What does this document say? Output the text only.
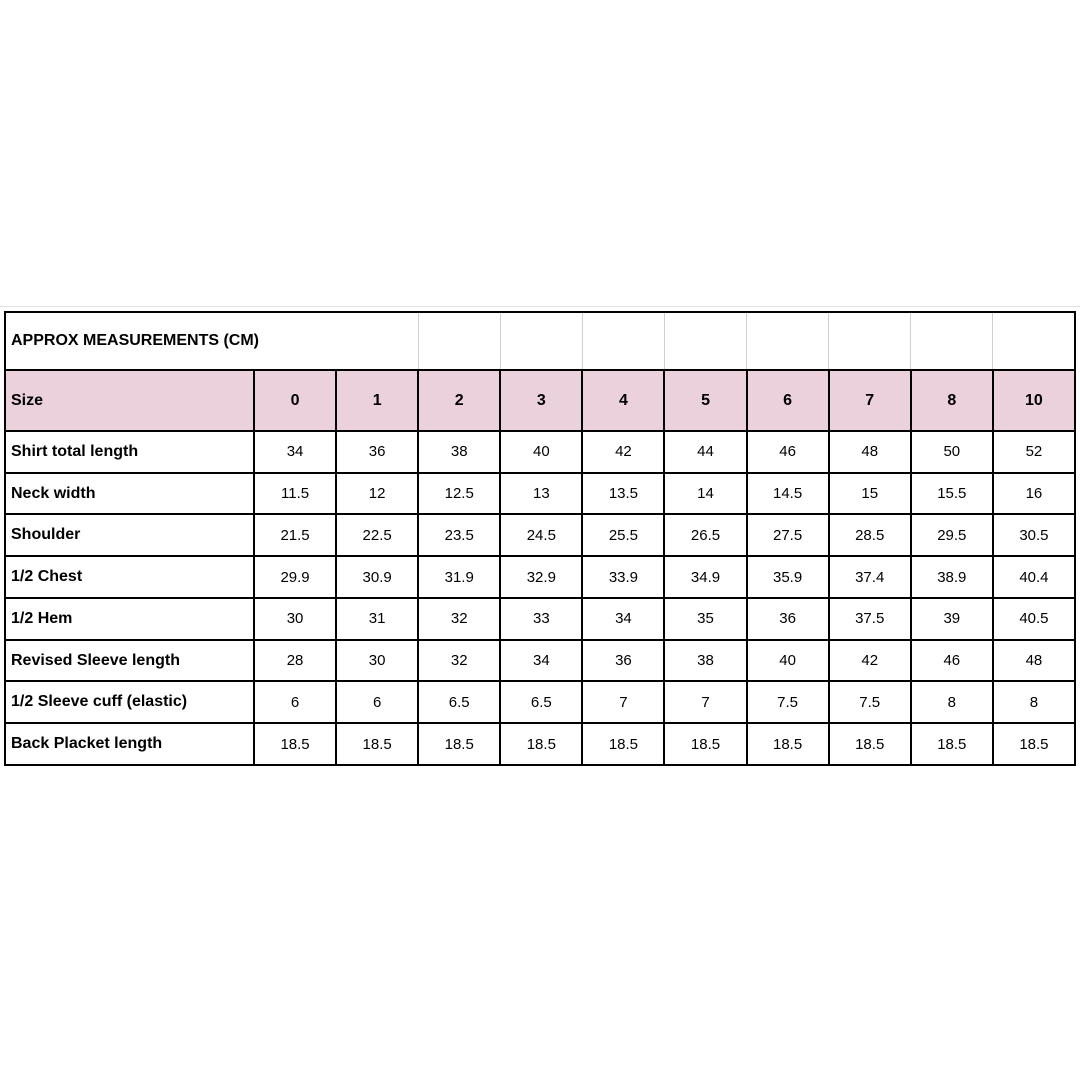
APPROX MEASUREMENTS (CM)										
Size	0	1	2	3	4	5	6	7	8	10
Shirt total length	34	36	38	40	42	44	46	48	50	52
Neck width	11.5	12	12.5	13	13.5	14	14.5	15	15.5	16
Shoulder	21.5	22.5	23.5	24.5	25.5	26.5	27.5	28.5	29.5	30.5
1/2 Chest	29.9	30.9	31.9	32.9	33.9	34.9	35.9	37.4	38.9	40.4
1/2 Hem	30	31	32	33	34	35	36	37.5	39	40.5
Revised Sleeve length	28	30	32	34	36	38	40	42	46	48
1/2 Sleeve cuff (elastic)	6	6	6.5	6.5	7	7	7.5	7.5	8	8
Back Placket length	18.5	18.5	18.5	18.5	18.5	18.5	18.5	18.5	18.5	18.5
